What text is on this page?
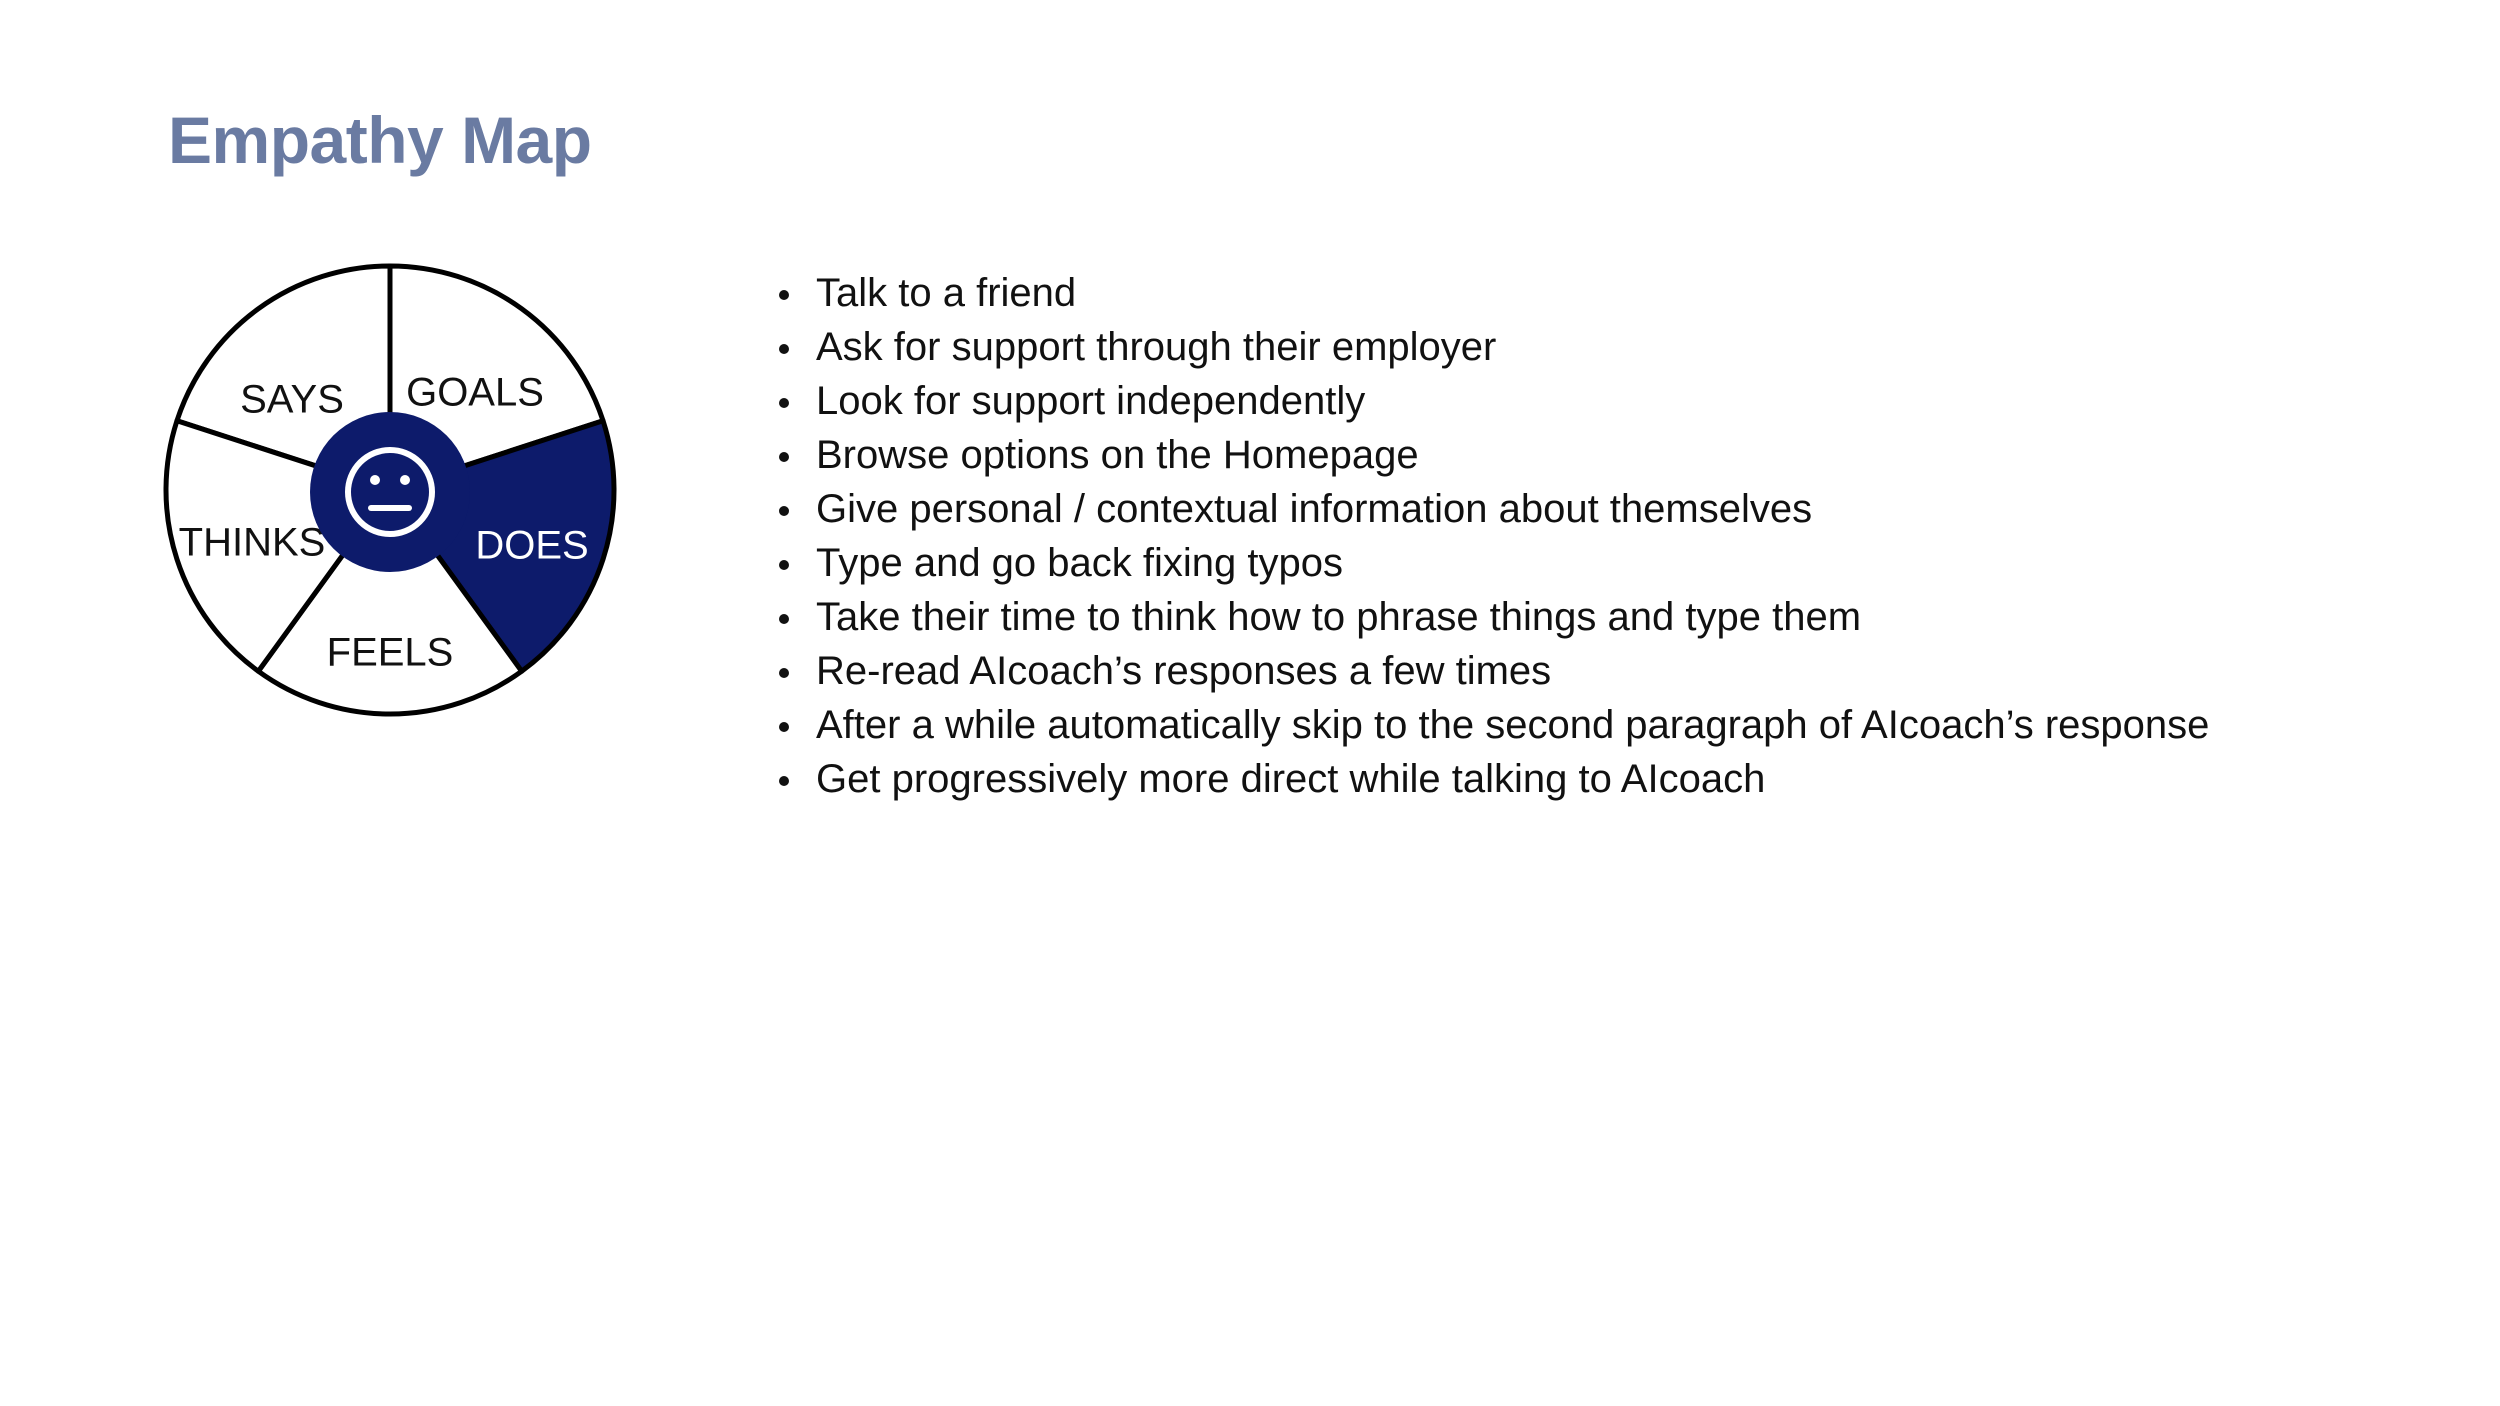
Empathy Map
SAYS GOALS
DOES
FEELS
THINKS
Talk to a friend
Ask for support through their employer
Look for support independently
Browse options on the Homepage
Give personal / contextual information about themselves
Type and go back fixing typos
Take their time to think how to phrase things and type them
Re-read AIcoach’s responses a few times
After a while automatically skip to the second paragraph of AIcoach’s response
Get progressively more direct while talking to AIcoach
